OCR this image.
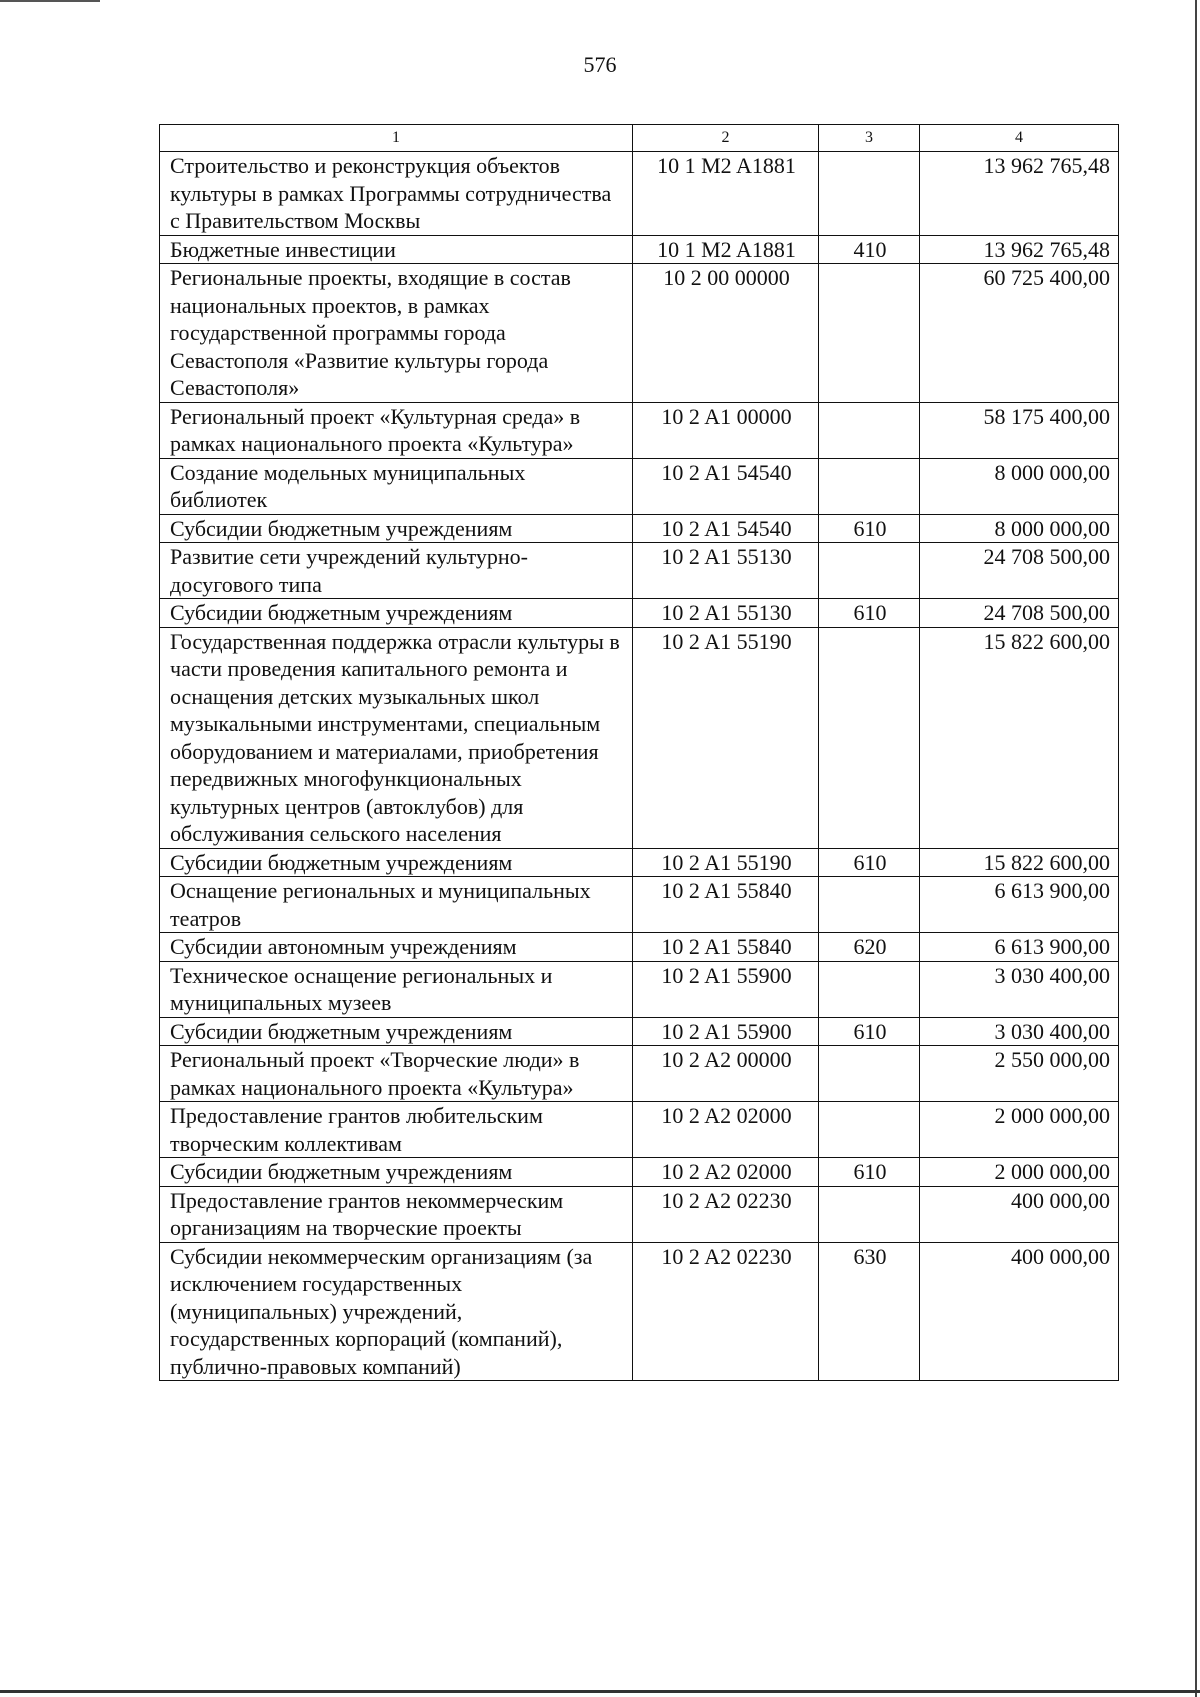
576
1	2	3	4
Строительство и реконструкция объектов культуры в рамках Программы сотрудничества с Правительством Москвы	10 1 M2 A1881		13 962 765,48
Бюджетные инвестиции	10 1 M2 A1881	410	13 962 765,48
Региональные проекты, входящие в состав национальных проектов, в рамках государственной программы города Севастополя «Развитие культуры города Севастополя»	10 2 00 00000		60 725 400,00
Региональный проект «Культурная среда» в рамках национального проекта «Культура»	10 2 A1 00000		58 175 400,00
Создание модельных муниципальных библиотек	10 2 A1 54540		8 000 000,00
Субсидии бюджетным учреждениям	10 2 A1 54540	610	8 000 000,00
Развитие сети учреждений культурно-досугового типа	10 2 A1 55130		24 708 500,00
Субсидии бюджетным учреждениям	10 2 A1 55130	610	24 708 500,00
Государственная поддержка отрасли культуры в части проведения капитального ремонта и оснащения детских музыкальных школ музыкальными инструментами, специальным оборудованием и материалами, приобретения передвижных многофункциональных культурных центров (автоклубов) для обслуживания сельского населения	10 2 A1 55190		15 822 600,00
Субсидии бюджетным учреждениям	10 2 A1 55190	610	15 822 600,00
Оснащение региональных и муниципальных театров	10 2 A1 55840		6 613 900,00
Субсидии автономным учреждениям	10 2 A1 55840	620	6 613 900,00
Техническое оснащение региональных и муниципальных музеев	10 2 A1 55900		3 030 400,00
Субсидии бюджетным учреждениям	10 2 A1 55900	610	3 030 400,00
Региональный проект «Творческие люди» в рамках национального проекта «Культура»	10 2 A2 00000		2 550 000,00
Предоставление грантов любительским творческим коллективам	10 2 A2 02000		2 000 000,00
Субсидии бюджетным учреждениям	10 2 A2 02000	610	2 000 000,00
Предоставление грантов некоммерческим организациям на творческие проекты	10 2 A2 02230		400 000,00
Субсидии некоммерческим организациям (за исключением государственных (муниципальных) учреждений, государственных корпораций (компаний), публично-правовых компаний)	10 2 A2 02230	630	400 000,00
